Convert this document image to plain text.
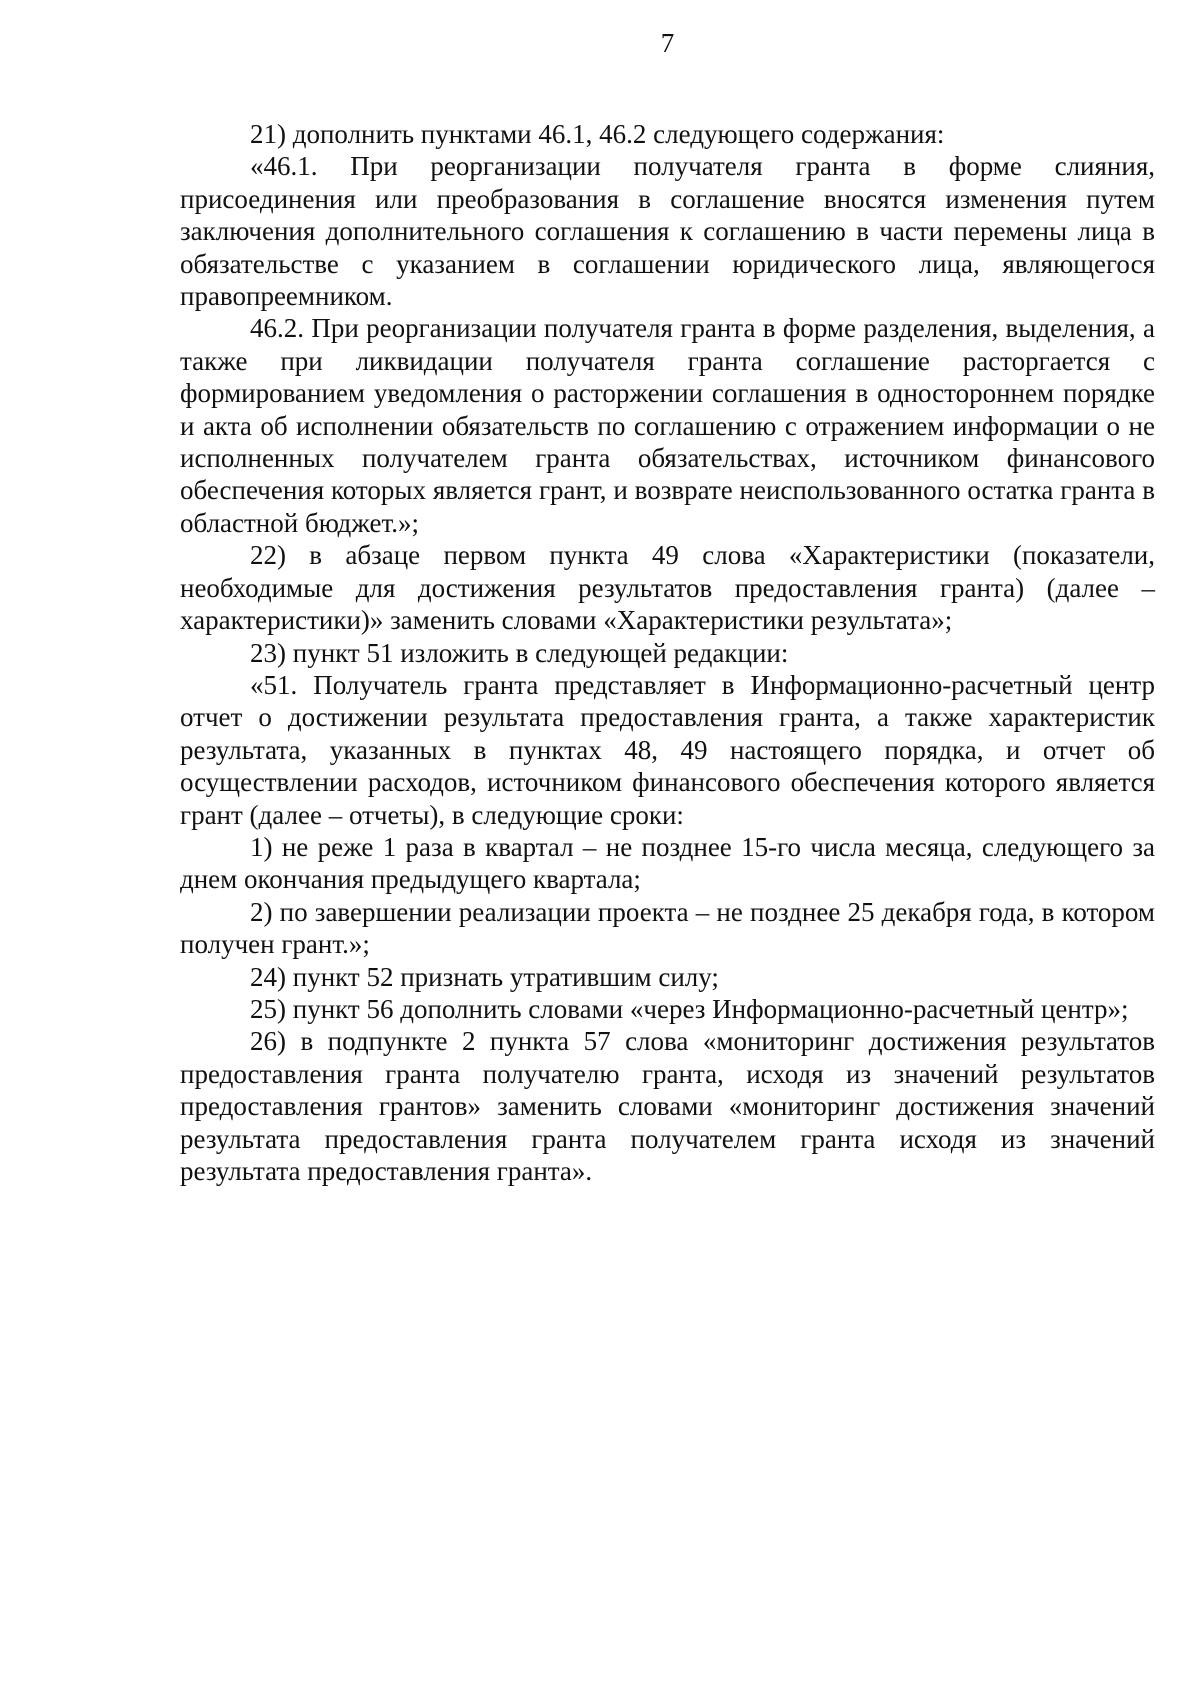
7

21) дополнить пунктами 46.1, 46.2 следующего содержания:

«46.1. При реорганизации получателя гранта в форме слияния, присоединения или преобразования в соглашение вносятся изменения путем заключения дополнительного соглашения к соглашению в части перемены лица в обязательстве с указанием в соглашении юридического лица, являющегося правопреемником.

46.2. При реорганизации получателя гранта в форме разделения, выделения, а также при ликвидации получателя гранта соглашение расторгается с формированием уведомления о расторжении соглашения в одностороннем порядке и акта об исполнении обязательств по соглашению с отражением информации о не исполненных получателем гранта обязательствах, источником финансового обеспечения которых является грант, и возврате неиспользованного остатка гранта в областной бюджет.»;

22) в абзаце первом пункта 49 слова «Характеристики (показатели, необходимые для достижения результатов предоставления гранта) (далее – характеристики)» заменить словами «Характеристики результата»;

23) пункт 51 изложить в следующей редакции:

«51. Получатель гранта представляет в Информационно-расчетный центр отчет о достижении результата предоставления гранта, а также характеристик результата, указанных в пунктах 48, 49 настоящего порядка, и отчет об осуществлении расходов, источником финансового обеспечения которого является грант (далее – отчеты), в следующие сроки:

1) не реже 1 раза в квартал – не позднее 15-го числа месяца, следующего за днем окончания предыдущего квартала;

2) по завершении реализации проекта – не позднее 25 декабря года, в котором получен грант.»;

24) пункт 52 признать утратившим силу;

25) пункт 56 дополнить словами «через Информационно-расчетный центр»;

26) в подпункте 2 пункта 57 слова «мониторинг достижения результатов предоставления гранта получателю гранта, исходя из значений результатов предоставления грантов» заменить словами «мониторинг достижения значений результата предоставления гранта получателем гранта исходя из значений результата предоставления гранта».
